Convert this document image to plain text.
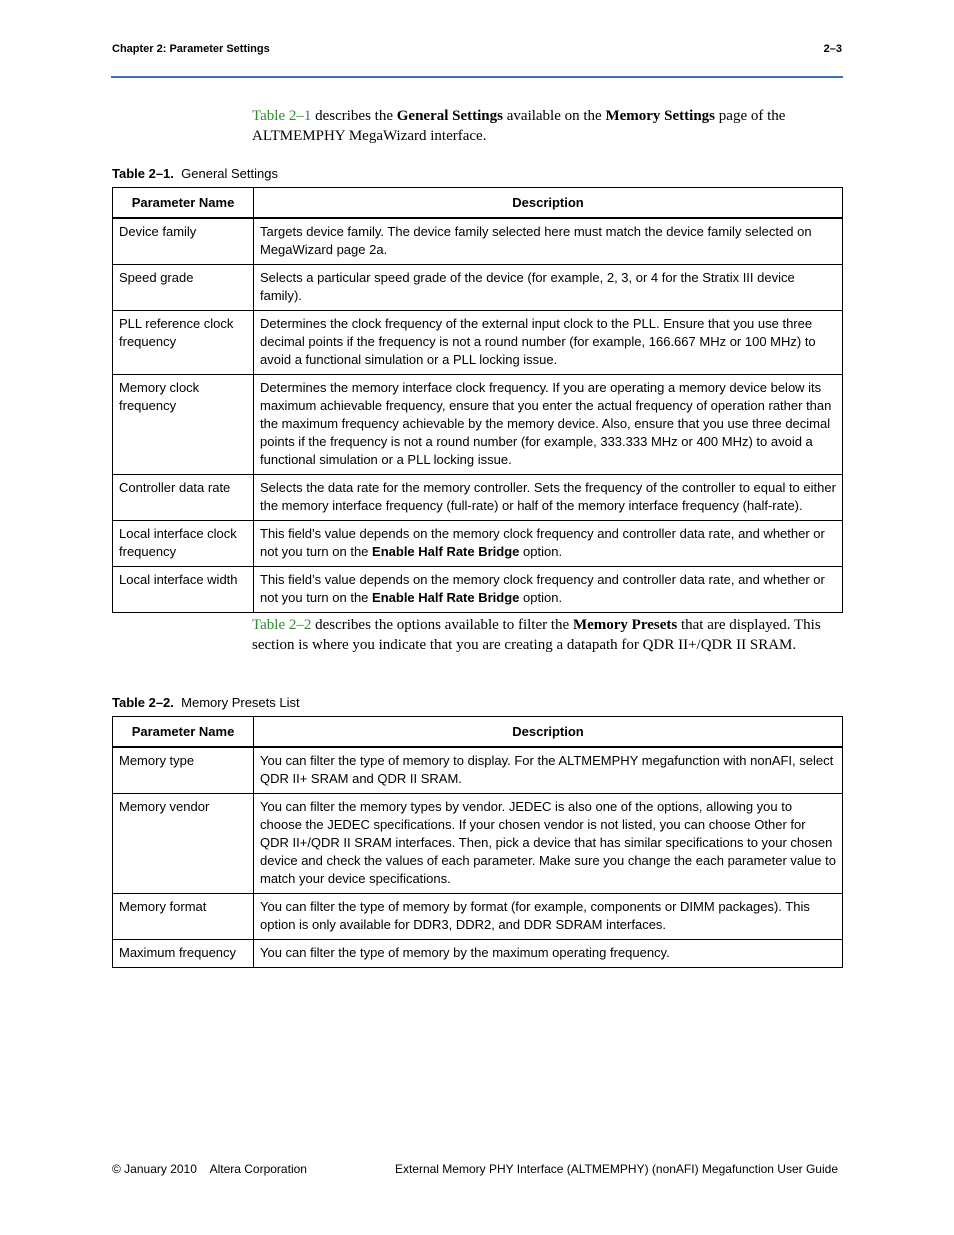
Chapter 2: Parameter Settings	2–3
Table 2–1 describes the General Settings available on the Memory Settings page of the ALTMEMPHY MegaWizard interface.
Table 2–1. General Settings
Parameter Name	Description
Device family	Targets device family. The device family selected here must match the device family selected on MegaWizard page 2a.
Speed grade	Selects a particular speed grade of the device (for example, 2, 3, or 4 for the Stratix III device family).
PLL reference clock frequency	Determines the clock frequency of the external input clock to the PLL. Ensure that you use three decimal points if the frequency is not a round number (for example, 166.667 MHz or 100 MHz) to avoid a functional simulation or a PLL locking issue.
Memory clock frequency	Determines the memory interface clock frequency. If you are operating a memory device below its maximum achievable frequency, ensure that you enter the actual frequency of operation rather than the maximum frequency achievable by the memory device. Also, ensure that you use three decimal points if the frequency is not a round number (for example, 333.333 MHz or 400 MHz) to avoid a functional simulation or a PLL locking issue.
Controller data rate	Selects the data rate for the memory controller. Sets the frequency of the controller to equal to either the memory interface frequency (full-rate) or half of the memory interface frequency (half-rate).
Local interface clock frequency	This field’s value depends on the memory clock frequency and controller data rate, and whether or not you turn on the Enable Half Rate Bridge option.
Local interface width	This field’s value depends on the memory clock frequency and controller data rate, and whether or not you turn on the Enable Half Rate Bridge option.
Table 2–2 describes the options available to filter the Memory Presets that are displayed. This section is where you indicate that you are creating a datapath for QDR II+/QDR II SRAM.
Table 2–2. Memory Presets List
Parameter Name	Description
Memory type	You can filter the type of memory to display. For the ALTMEMPHY megafunction with nonAFI, select QDR II+ SRAM and QDR II SRAM.
Memory vendor	You can filter the memory types by vendor. JEDEC is also one of the options, allowing you to choose the JEDEC specifications. If your chosen vendor is not listed, you can choose Other for QDR II+/QDR II SRAM interfaces. Then, pick a device that has similar specifications to your chosen device and check the values of each parameter. Make sure you change the each parameter value to match your device specifications.
Memory format	You can filter the type of memory by format (for example, components or DIMM packages). This option is only available for DDR3, DDR2, and DDR SDRAM interfaces.
Maximum frequency	You can filter the type of memory by the maximum operating frequency.
© January 2010    Altera Corporation	External Memory PHY Interface (ALTMEMPHY) (nonAFI) Megafunction User Guide
